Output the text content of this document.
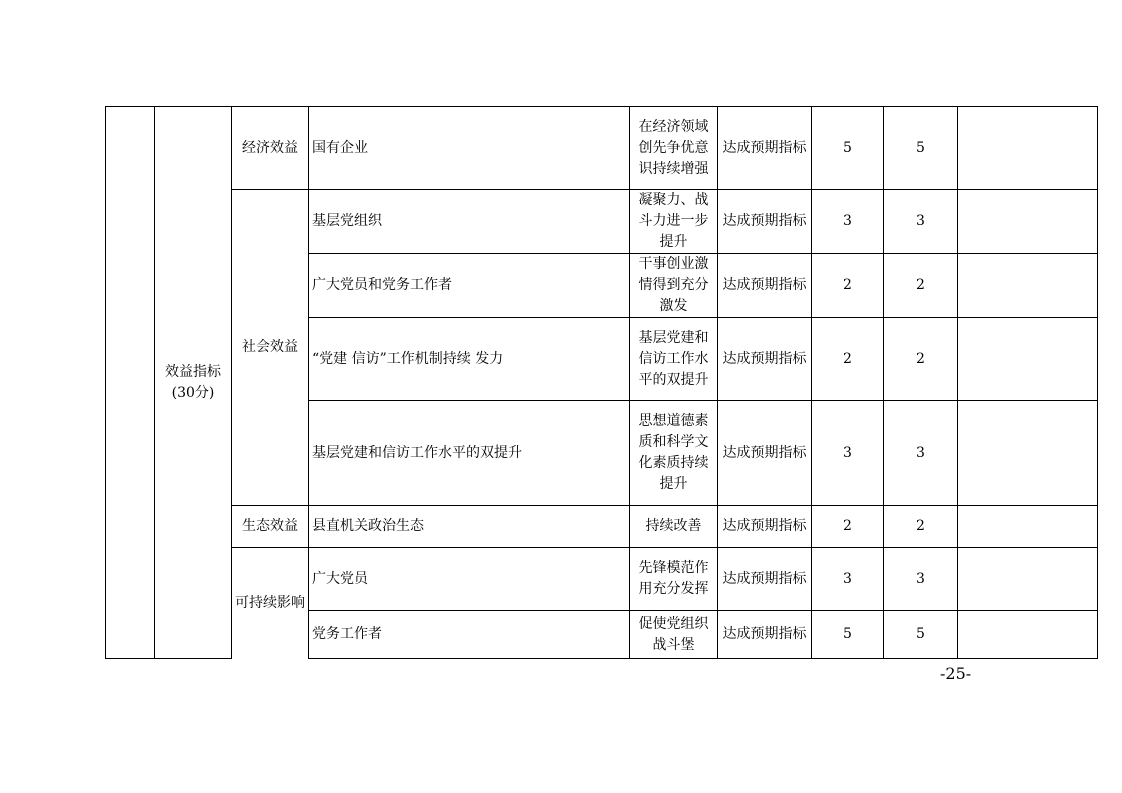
	效益指标(30分)	经济效益	国有企业	在经济领域创先争优意识持续增强	达成预期指标	5	5	
		社会效益	基层党组织	凝聚力、战斗力进一步提升	达成预期指标	3	3	
			广大党员和党务工作者	干事创业激情得到充分激发	达成预期指标	2	2	
			“党建 信访”工作机制持续 发力	基层党建和信访工作水平的双提升	达成预期指标	2	2	
			基层党建和信访工作水平的双提升	思想道德素质和科学文化素质持续提升	达成预期指标	3	3	
		生态效益	县直机关政治生态	持续改善	达成预期指标	2	2	
		可持续影响	广大党员	先锋模范作用充分发挥	达成预期指标	3	3	
			党务工作者	促使党组织战斗堡	达成预期指标	5	5	
-25-
